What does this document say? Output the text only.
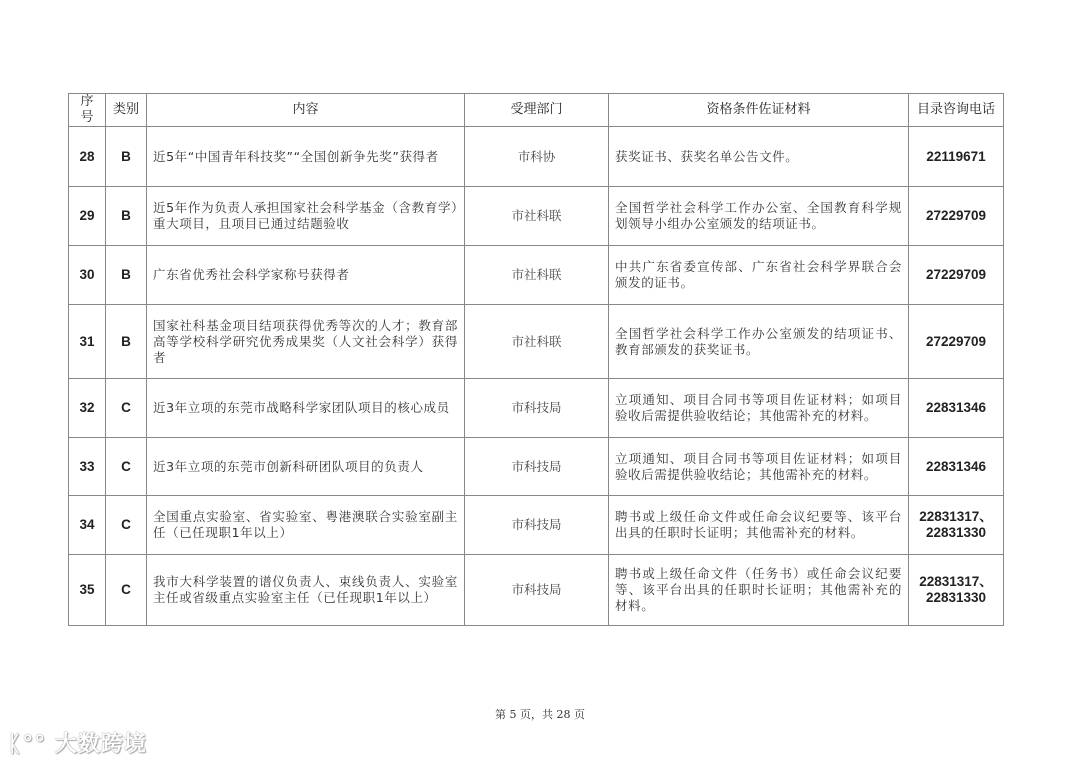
序号	类别	内容	受理部门	资格条件佐证材料	目录咨询电话
28	B	近5年“中国青年科技奖”“全国创新争先奖”获得者	市科协	获奖证书、获奖名单公告文件。	22119671
29	B	近5年作为负责人承担国家社会科学基金（含教育学）重大项目，且项目已通过结题验收	市社科联	全国哲学社会科学工作办公室、全国教育科学规划领导小组办公室颁发的结项证书。	27229709
30	B	广东省优秀社会科学家称号获得者	市社科联	中共广东省委宣传部、广东省社会科学界联合会颁发的证书。	27229709
31	B	国家社科基金项目结项获得优秀等次的人才；教育部高等学校科学研究优秀成果奖（人文社会科学）获得者	市社科联	全国哲学社会科学工作办公室颁发的结项证书、教育部颁发的获奖证书。	27229709
32	C	近3年立项的东莞市战略科学家团队项目的核心成员	市科技局	立项通知、项目合同书等项目佐证材料；如项目验收后需提供验收结论；其他需补充的材料。	22831346
33	C	近3年立项的东莞市创新科研团队项目的负责人	市科技局	立项通知、项目合同书等项目佐证材料；如项目验收后需提供验收结论；其他需补充的材料。	22831346
34	C	全国重点实验室、省实验室、粤港澳联合实验室副主任（已任现职1年以上）	市科技局	聘书或上级任命文件或任命会议纪要等、该平台出具的任职时长证明；其他需补充的材料。	22831317、22831330
35	C	我市大科学装置的谱仪负责人、束线负责人、实验室主任或省级重点实验室主任（已任现职1年以上）	市科技局	聘书或上级任命文件（任务书）或任命会议纪要等、该平台出具的任职时长证明；其他需补充的材料。	22831317、22831330
第 5 页，共 28 页
ᛕ°° 大数跨境
